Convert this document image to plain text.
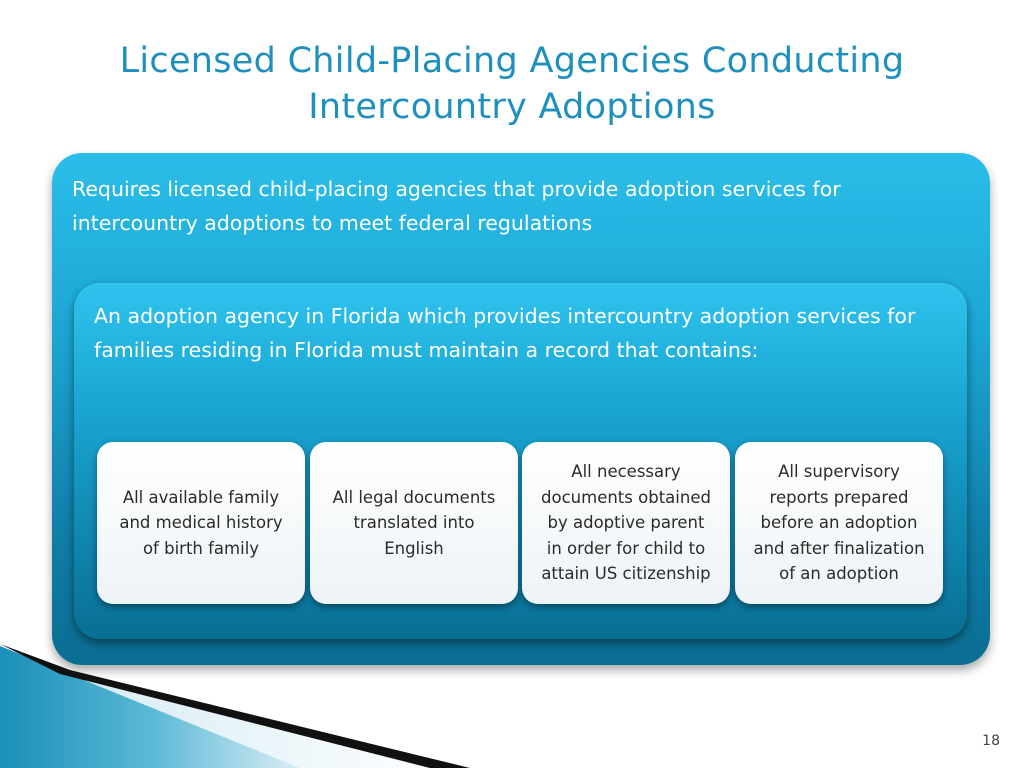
Licensed Child-Placing Agencies Conducting
Intercountry Adoptions
Requires licensed child-placing agencies that provide adoption services for intercountry adoptions to meet federal regulations
An adoption agency in Florida which provides intercountry adoption services for families residing in Florida must maintain a record that contains:
All available family
and medical history
of birth family
All legal documents
translated into
English
All necessary
documents obtained
by adoptive parent
in order for child to
attain US citizenship
All supervisory
reports prepared
before an adoption
and after finalization
of an adoption
18
